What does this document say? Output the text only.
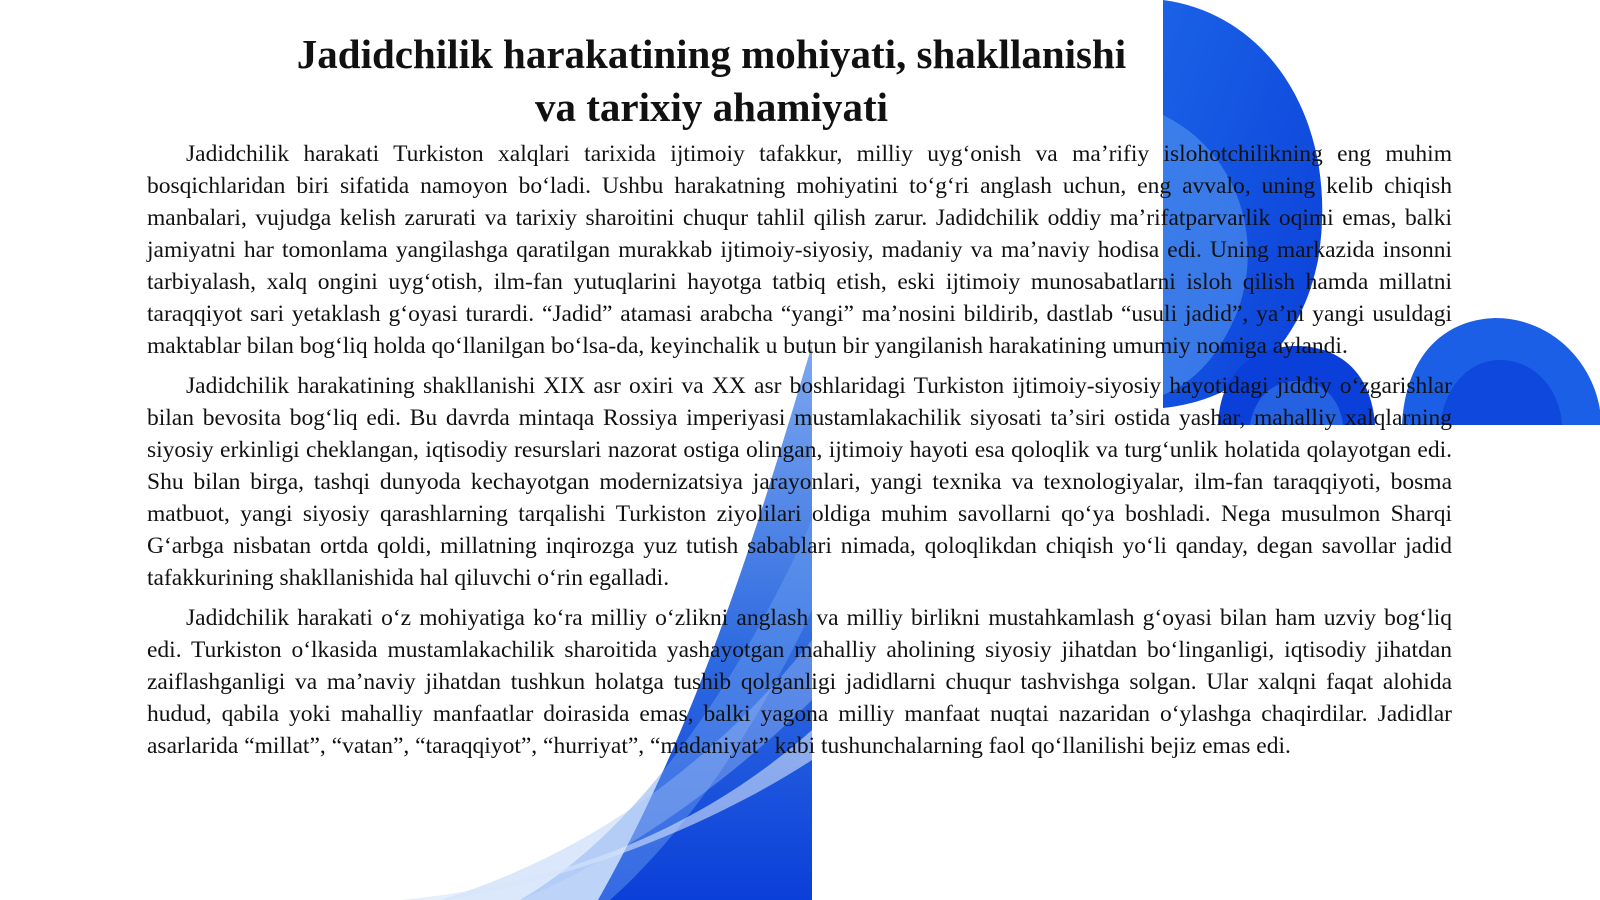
Jadidchilik harakatining mohiyati, shakllanishi
va tarixiy ahamiyati

Jadidchilik harakati Turkiston xalqlari tarixida ijtimoiy tafakkur, milliy uygʻonish va maʼrifiy islohotchilikning eng muhim bosqichlaridan biri sifatida namoyon boʻladi. Ushbu harakatning mohiyatini toʻgʻri anglash uchun, eng avvalo, uning kelib chiqish manbalari, vujudga kelish zarurati va tarixiy sharoitini chuqur tahlil qilish zarur. Jadidchilik oddiy maʼrifatparvarlik oqimi emas, balki jamiyatni har tomonlama yangilashga qaratilgan murakkab ijtimoiy-siyosiy, madaniy va maʼnaviy hodisa edi. Uning markazida insonni tarbiyalash, xalq ongini uygʻotish, ilm-fan yutuqlarini hayotga tatbiq etish, eski ijtimoiy munosabatlarni isloh qilish hamda millatni taraqqiyot sari yetaklash gʻoyasi turardi. “Jadid” atamasi arabcha “yangi” maʼnosini bildirib, dastlab “usuli jadid”, yaʼni yangi usuldagi maktablar bilan bogʻliq holda qoʻllanilgan boʻlsa-da, keyinchalik u butun bir yangilanish harakatining umumiy nomiga aylandi.

Jadidchilik harakatining shakllanishi XIX asr oxiri va XX asr boshlaridagi Turkiston ijtimoiy-siyosiy hayotidagi jiddiy oʻzgarishlar bilan bevosita bogʻliq edi. Bu davrda mintaqa Rossiya imperiyasi mustamlakachilik siyosati taʼsiri ostida yashar, mahalliy xalqlarning siyosiy erkinligi cheklangan, iqtisodiy resurslari nazorat ostiga olingan, ijtimoiy hayoti esa qoloqlik va turgʻunlik holatida qolayotgan edi. Shu bilan birga, tashqi dunyoda kechayotgan modernizatsiya jarayonlari, yangi texnika va texnologiyalar, ilm-fan taraqqiyoti, bosma matbuot, yangi siyosiy qarashlarning tarqalishi Turkiston ziyolilari oldiga muhim savollarni qoʻya boshladi. Nega musulmon Sharqi Gʻarbga nisbatan ortda qoldi, millatning inqirozga yuz tutish sabablari nimada, qoloqlikdan chiqish yoʻli qanday, degan savollar jadid tafakkurining shakllanishida hal qiluvchi oʻrin egalladi.

Jadidchilik harakati oʻz mohiyatiga koʻra milliy oʻzlikni anglash va milliy birlikni mustahkamlash gʻoyasi bilan ham uzviy bogʻliq edi. Turkiston oʻlkasida mustamlakachilik sharoitida yashayotgan mahalliy aholining siyosiy jihatdan boʻlinganligi, iqtisodiy jihatdan zaiflashganligi va maʼnaviy jihatdan tushkun holatga tushib qolganligi jadidlarni chuqur tashvishga solgan. Ular xalqni faqat alohida hudud, qabila yoki mahalliy manfaatlar doirasida emas, balki yagona milliy manfaat nuqtai nazaridan oʻylashga chaqirdilar. Jadidlar asarlarida “millat”, “vatan”, “taraqqiyot”, “hurriyat”, “madaniyat” kabi tushunchalarning faol qoʻllanilishi bejiz emas edi.
